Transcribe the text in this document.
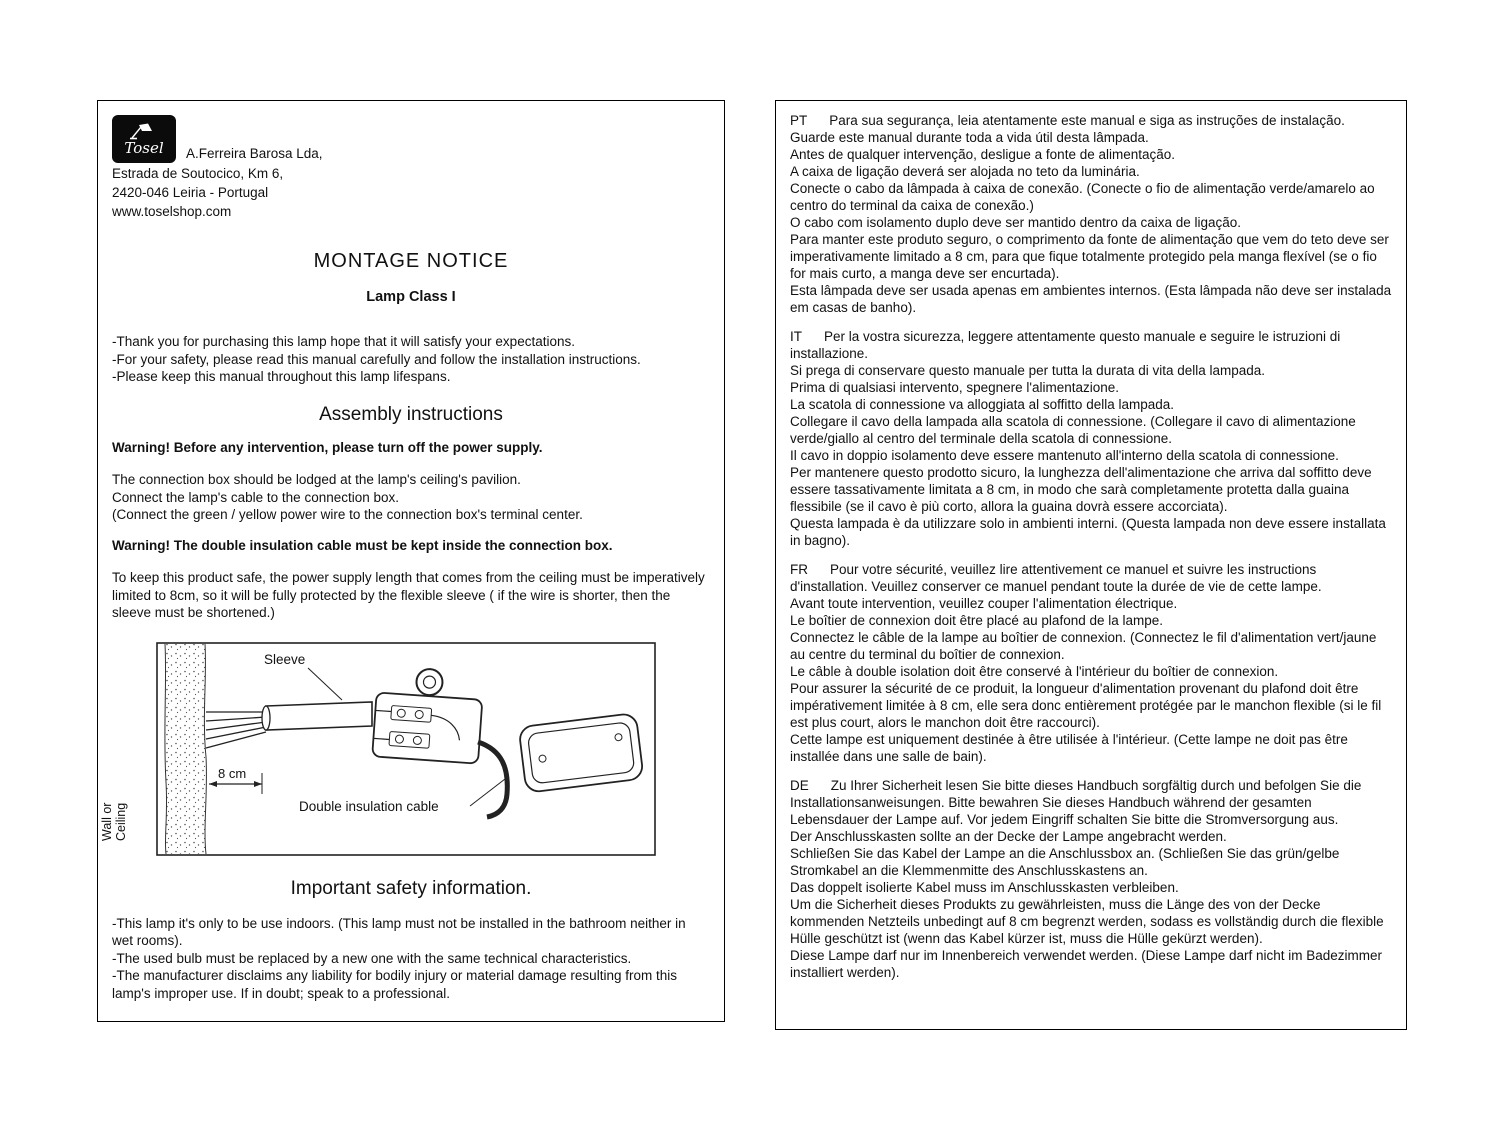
Tosel A.Ferreira Barosa Lda,
Estrada de Soutocico, Km 6,
2420-046 Leiria - Portugal
www.toselshop.com
MONTAGE NOTICE
Lamp Class I
-Thank you for purchasing this lamp hope that it will satisfy your expectations.
-For your safety, please read this manual carefully and follow the installation instructions.
-Please keep this manual throughout this lamp lifespans.
Assembly instructions
Warning! Before any intervention, please turn off the power supply.
The connection box should be lodged at the lamp's ceiling's pavilion.
Connect the lamp's cable to the connection box.
(Connect the green / yellow power wire to the connection box's terminal center.
Warning! The double insulation cable must be kept inside the connection box.
To keep this product safe, the power supply length that comes from the ceiling must be imperatively limited to 8cm, so it will be fully protected by the flexible sleeve ( if the wire is shorter, then the sleeve must be shortened.)
Wall or Ceiling
Sleeve
8 cm
Double insulation cable
Important safety information.
-This lamp it's only to be use indoors. (This lamp must not be installed in the bathroom neither in wet rooms).
-The used bulb must be replaced by a new one with the same technical characteristics.
-The manufacturer disclaims any liability for bodily injury or material damage resulting from this lamp's improper use. If in doubt; speak to a professional.
PT Para sua segurança, leia atentamente este manual e siga as instruções de instalação.
Guarde este manual durante toda a vida útil desta lâmpada.
Antes de qualquer intervenção, desligue a fonte de alimentação.
A caixa de ligação deverá ser alojada no teto da luminária.
Conecte o cabo da lâmpada à caixa de conexão. (Conecte o fio de alimentação verde/amarelo ao centro do terminal da caixa de conexão.)
O cabo com isolamento duplo deve ser mantido dentro da caixa de ligação.
Para manter este produto seguro, o comprimento da fonte de alimentação que vem do teto deve ser imperativamente limitado a 8 cm, para que fique totalmente protegido pela manga flexível (se o fio for mais curto, a manga deve ser encurtada).
Esta lâmpada deve ser usada apenas em ambientes internos. (Esta lâmpada não deve ser instalada em casas de banho).
IT Per la vostra sicurezza, leggere attentamente questo manuale e seguire le istruzioni di installazione.
Si prega di conservare questo manuale per tutta la durata di vita della lampada.
Prima di qualsiasi intervento, spegnere l'alimentazione.
La scatola di connessione va alloggiata al soffitto della lampada.
Collegare il cavo della lampada alla scatola di connessione. (Collegare il cavo di alimentazione verde/giallo al centro del terminale della scatola di connessione.
Il cavo in doppio isolamento deve essere mantenuto all'interno della scatola di connessione.
Per mantenere questo prodotto sicuro, la lunghezza dell'alimentazione che arriva dal soffitto deve essere tassativamente limitata a 8 cm, in modo che sarà completamente protetta dalla guaina flessibile (se il cavo è più corto, allora la guaina dovrà essere accorciata).
Questa lampada è da utilizzare solo in ambienti interni. (Questa lampada non deve essere installata in bagno).
FR Pour votre sécurité, veuillez lire attentivement ce manuel et suivre les instructions d'installation. Veuillez conserver ce manuel pendant toute la durée de vie de cette lampe.
Avant toute intervention, veuillez couper l'alimentation électrique.
Le boîtier de connexion doit être placé au plafond de la lampe.
Connectez le câble de la lampe au boîtier de connexion. (Connectez le fil d'alimentation vert/jaune au centre du terminal du boîtier de connexion.
Le câble à double isolation doit être conservé à l'intérieur du boîtier de connexion.
Pour assurer la sécurité de ce produit, la longueur d'alimentation provenant du plafond doit être impérativement limitée à 8 cm, elle sera donc entièrement protégée par le manchon flexible (si le fil est plus court, alors le manchon doit être raccourci).
Cette lampe est uniquement destinée à être utilisée à l'intérieur. (Cette lampe ne doit pas être installée dans une salle de bain).
DE Zu Ihrer Sicherheit lesen Sie bitte dieses Handbuch sorgfältig durch und befolgen Sie die Installationsanweisungen. Bitte bewahren Sie dieses Handbuch während der gesamten Lebensdauer der Lampe auf. Vor jedem Eingriff schalten Sie bitte die Stromversorgung aus.
Der Anschlusskasten sollte an der Decke der Lampe angebracht werden.
Schließen Sie das Kabel der Lampe an die Anschlussbox an. (Schließen Sie das grün/gelbe Stromkabel an die Klemmenmitte des Anschlusskastens an.
Das doppelt isolierte Kabel muss im Anschlusskasten verbleiben.
Um die Sicherheit dieses Produkts zu gewährleisten, muss die Länge des von der Decke kommenden Netzteils unbedingt auf 8 cm begrenzt werden, sodass es vollständig durch die flexible Hülle geschützt ist (wenn das Kabel kürzer ist, muss die Hülle gekürzt werden).
Diese Lampe darf nur im Innenbereich verwendet werden. (Diese Lampe darf nicht im Badezimmer installiert werden).
